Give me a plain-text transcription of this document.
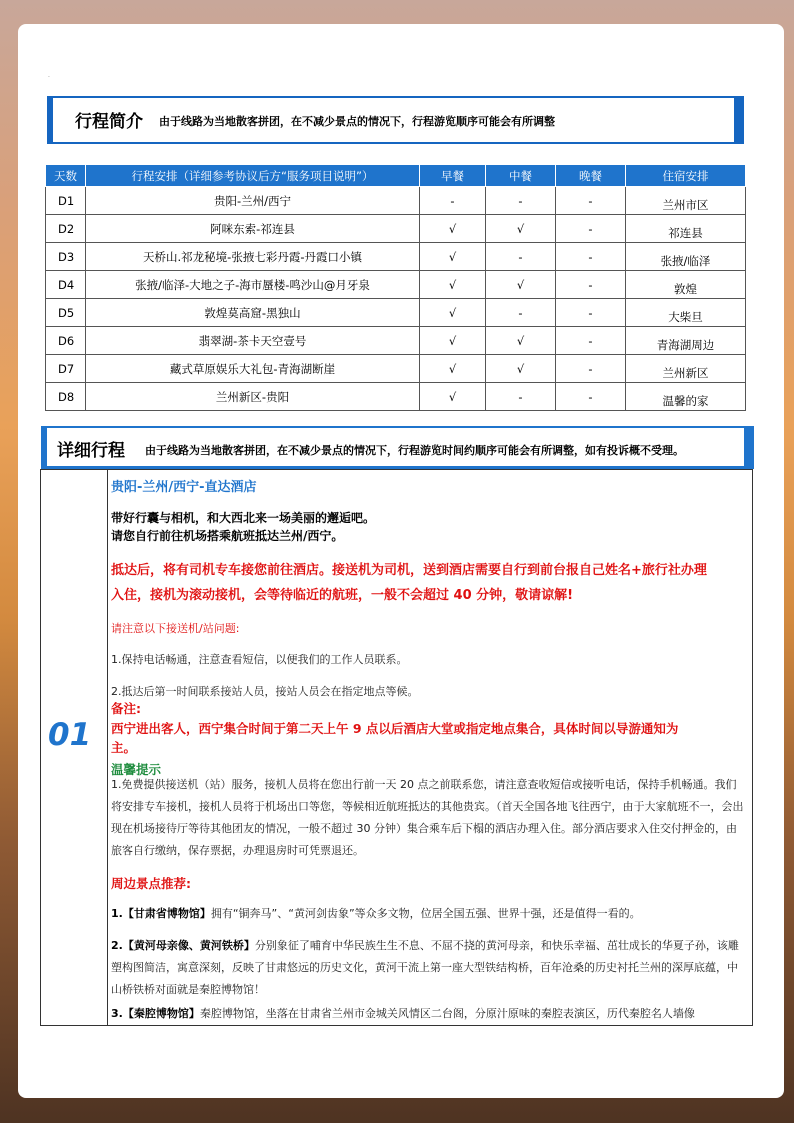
·
行程简介 由于线路为当地散客拼团，在不减少景点的情况下，行程游览顺序可能会有所调整
天数	行程安排（详细参考协议后方“服务项目说明”）	早餐	中餐	晚餐	住宿安排
D1	贵阳-兰州/西宁	-	-	-	兰州市区
D2	阿咪东索-祁连县	√	√	-	祁连县
D3	天桥山.祁龙秘境-张掖七彩丹霞-丹霞口小镇	√	-	-	张掖/临泽
D4	张掖/临泽-大地之子-海市蜃楼-鸣沙山@月牙泉	√	√	-	敦煌
D5	敦煌莫高窟-黑独山	√	-	-	大柴旦
D6	翡翠湖-茶卡天空壹号	√	√	-	青海湖周边
D7	藏式草原娱乐大礼包-青海湖断崖	√	√	-	兰州新区
D8	兰州新区-贵阳	√	-	-	温馨的家
详细行程 由于线路为当地散客拼团，在不减少景点的情况下，行程游览时间约顺序可能会有所调整，如有投诉概不受理。
01
贵阳-兰州/西宁-直达酒店
带好行囊与相机，和大西北来一场美丽的邂逅吧。
请您自行前往机场搭乘航班抵达兰州/西宁。
抵达后，将有司机专车接您前往酒店。接送机为司机，送到酒店需要自行到前台报自己姓名+旅行社办理
入住，接机为滚动接机，会等待临近的航班，一般不会超过 40 分钟，敬请谅解!
请注意以下接送机/站问题:
1.保持电话畅通，注意查看短信，以便我们的工作人员联系。
2.抵达后第一时间联系接站人员，接站人员会在指定地点等候。
备注:
西宁进出客人，西宁集合时间于第二天上午 9 点以后酒店大堂或指定地点集合，具体时间以导游通知为
主。
温馨提示
1.免费提供接送机（站）服务，接机人员将在您出行前一天 20 点之前联系您，请注意查收短信或接听电话，保持手机畅通。我们将安排专车接机，接机人员将于机场出口等您，等候相近航班抵达的其他贵宾。（首天全国各地飞往西宁，由于大家航班不一，会出现在机场接待厅等待其他团友的情况，一般不超过 30 分钟）集合乘车后下榻的酒店办理入住。部分酒店要求入住交付押金的，由旅客自行缴纳，保存票据，办理退房时可凭票退还。
周边景点推荐:
1.【甘肃省博物馆】拥有“铜奔马”、“黄河剑齿象”等众多文物，位居全国五强、世界十强，还是值得一看的。
2.【黄河母亲像、黄河铁桥】分别象征了哺育中华民族生生不息、不屈不挠的黄河母亲，和快乐幸福、茁壮成长的华夏子孙，该雕塑构图简洁，寓意深刻，反映了甘肃悠远的历史文化，黄河干流上第一座大型铁结构桥，百年沧桑的历史衬托兰州的深厚底蕴，中山桥铁桥对面就是秦腔博物馆！
3.【秦腔博物馆】秦腔博物馆，坐落在甘肃省兰州市金城关风情区二台阁，分原汁原味的秦腔表演区，历代秦腔名人墙像
